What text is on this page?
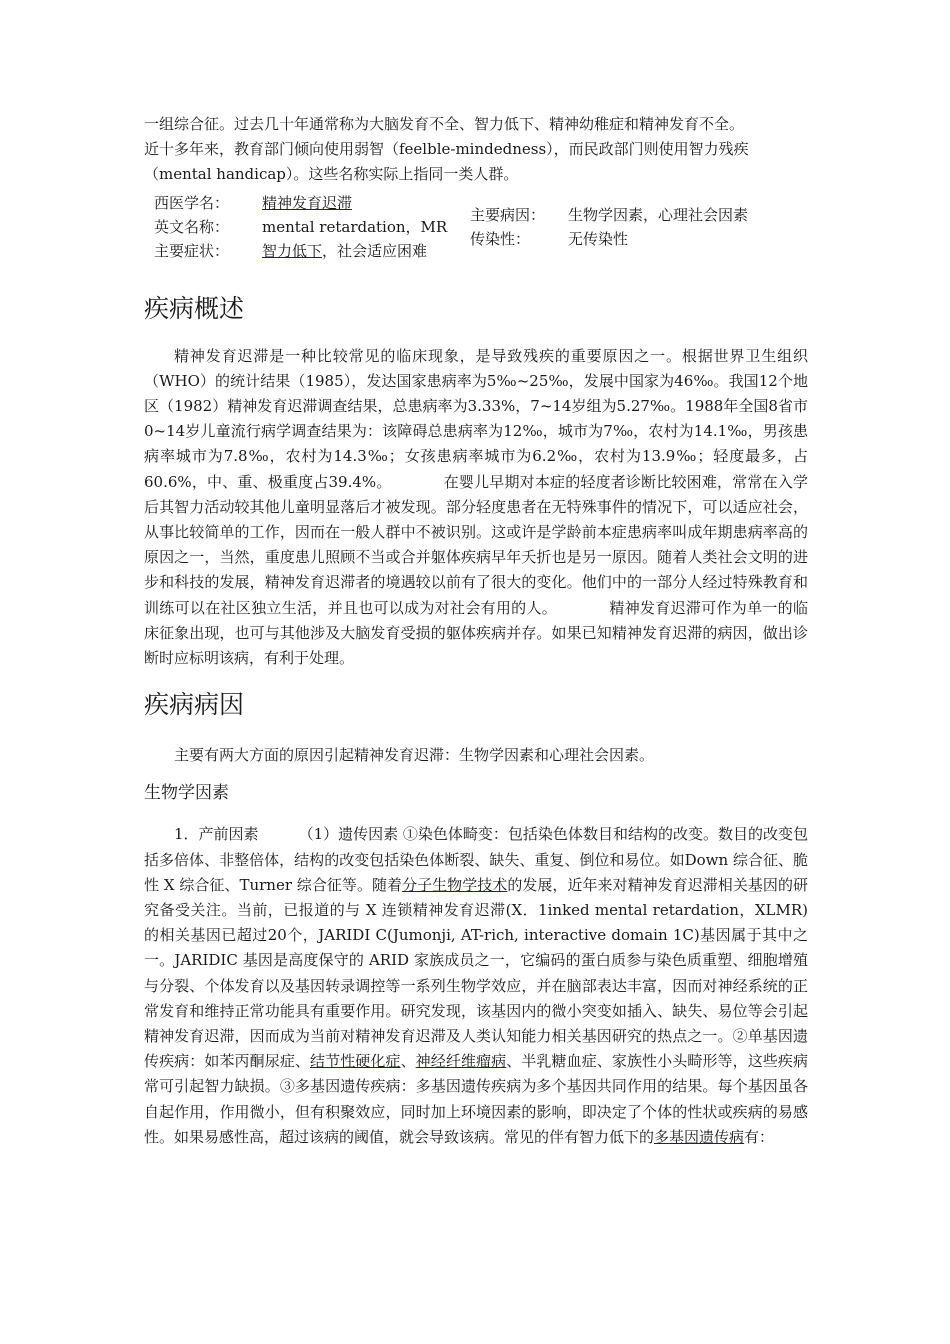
一组综合征。过去几十年通常称为大脑发育不全、智力低下、精神幼稚症和精神发育不全。
近十多年来，教育部门倾向使用弱智（feelble-mindedness），而民政部门则使用智力残疾
（mental handicap）。这些名称实际上指同一类人群。

西医学名： 精神发育迟滞
英文名称： mental retardation，MR
主要症状： 智力低下，社会适应困难
主要病因： 生物学因素，心理社会因素
传染性：	无传染性
疾病概述

精神发育迟滞是一种比较常见的临床现象，是导致残疾的重要原因之一。根据世界卫生组织（WHO）的统计结果（1985），发达国家患病率为5‰~25‰，发展中国家为46‰。我国12个地区（1982）精神发育迟滞调查结果，总患病率为3.33%，7~14岁组为5.27‰。1988年全国8省市0~14岁儿童流行病学调查结果为：该障碍总患病率为12‰，城市为7‰，农村为14.1‰，男孩患病率城市为7.8‰，农村为14.3‰；女孩患病率城市为6.2‰，农村为13.9‰；轻度最多，占60.6%，中、重、极重度占39.4%。	在婴儿早期对本症的轻度者诊断比较困难，常常在入学后其智力活动较其他儿童明显落后才被发现。部分轻度患者在无特殊事件的情况下，可以适应社会，从事比较简单的工作，因而在一般人群中不被识别。这或许是学龄前本症患病率叫成年期患病率高的原因之一，当然，重度患儿照顾不当或合并躯体疾病早年夭折也是另一原因。随着人类社会文明的进步和科技的发展，精神发育迟滞者的境遇较以前有了很大的变化。他们中的一部分人经过特殊教育和训练可以在社区独立生活，并且也可以成为对社会有用的人。	精神发育迟滞可作为单一的临床征象出现，也可与其他涉及大脑发育受损的躯体疾病并存。如果已知精神发育迟滞的病因，做出诊断时应标明该病，有利于处理。

疾病病因

主要有两大方面的原因引起精神发育迟滞：生物学因素和心理社会因素。

生物学因素

1．产前因素	（1）遗传因素 ①染色体畸变：包括染色体数目和结构的改变。数目的改变包括多倍体、非整倍体，结构的改变包括染色体断裂、缺失、重复、倒位和易位。如Down 综合征、脆性 X 综合征、Turner 综合征等。随着分子生物学技术的发展，近年来对精神发育迟滞相关基因的研究备受关注。当前，已报道的与 X 连锁精神发育迟滞(X．1inked mental retardation，XLMR)的相关基因已超过20个，JARIDI C(Jumonji, AT-rich, interactive domain 1C)基因属于其中之一。JARIDIC 基因是高度保守的 ARID 家族成员之一，它编码的蛋白质参与染色质重塑、细胞增殖与分裂、个体发育以及基因转录调控等一系列生物学效应，并在脑部表达丰富，因而对神经系统的正常发育和维持正常功能具有重要作用。研究发现，该基因内的微小突变如插入、缺失、易位等会引起精神发育迟滞，因而成为当前对精神发育迟滞及人类认知能力相关基因研究的热点之一。②单基因遗传疾病：如苯丙酮尿症、结节性硬化症、神经纤维瘤病、半乳糖血症、家族性小头畸形等，这些疾病常可引起智力缺损。③多基因遗传疾病：多基因遗传疾病为多个基因共同作用的结果。每个基因虽各自起作用，作用微小，但有积聚效应，同时加上环境因素的影响，即决定了个体的性状或疾病的易感性。如果易感性高，超过该病的阈值，就会导致该病。常见的伴有智力低下的多基因遗传病有：
